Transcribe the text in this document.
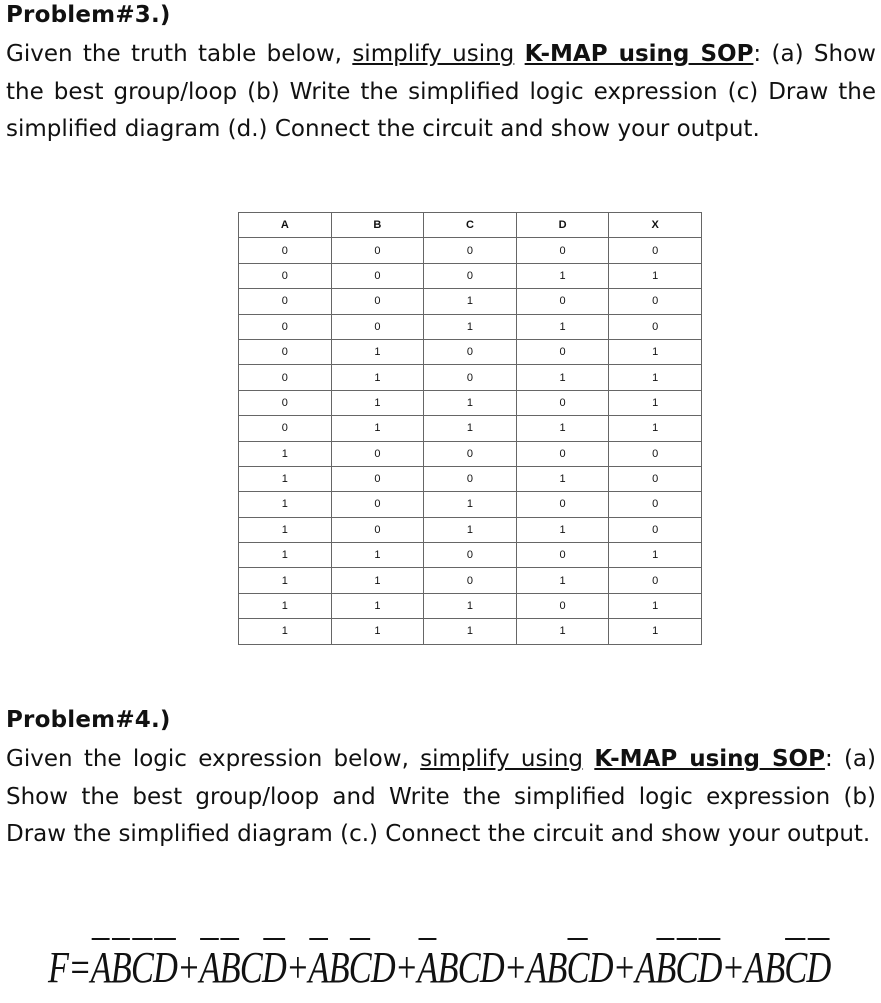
Problem#3.)
Given the truth table below, simplify using K-MAP using SOP: (a) Show the best group/loop (b) Write the simplified logic expression (c) Draw the simplified diagram (d.) Connect the circuit and show your output.
A	B	C	D	X
0	0	0	0	0
0	0	0	1	1
0	0	1	0	0
0	0	1	1	0
0	1	0	0	1
0	1	0	1	1
0	1	1	0	1
0	1	1	1	1
1	0	0	0	0
1	0	0	1	0
1	0	1	0	0
1	0	1	1	0
1	1	0	0	1
1	1	0	1	0
1	1	1	0	1
1	1	1	1	1
Problem#4.)
Given the logic expression below, simplify using K-MAP using SOP: (a) Show the best group/loop and Write the simplified logic expression (b) Draw the simplified diagram (c.) Connect the circuit and show your output.
F=ABCD+ABCD+ABCD+ABCD+ABCD+ABCD+ABCD
